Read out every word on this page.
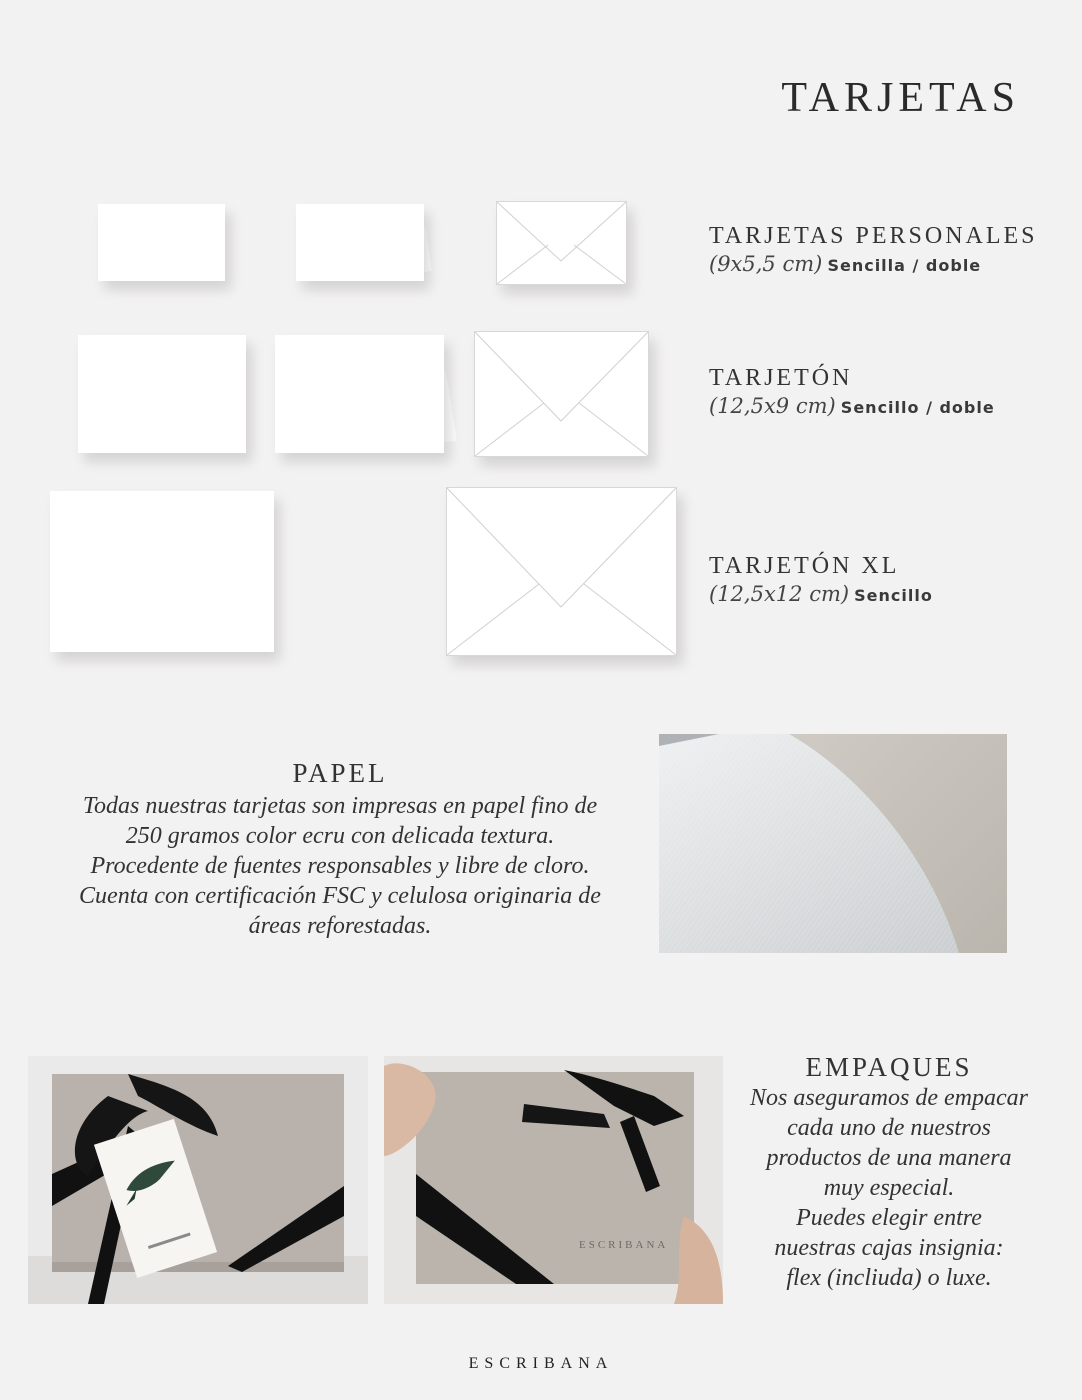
TARJETAS
TARJETAS PERSONALES
(9x5,5 cm) Sencilla / doble
TARJETÓN
(12,5x9 cm) Sencillo / doble
TARJETÓN XL
(12,5x12 cm) Sencillo
PAPEL
Todas nuestras tarjetas son impresas en papel fino de
250 gramos color ecru con delicada textura.
Procedente de fuentes responsables y libre de cloro.
Cuenta con certificación FSC y celulosa originaria de
áreas reforestadas.
ESCRIBANA
EMPAQUES
Nos aseguramos de empacar
cada uno de nuestros
productos de una manera
muy especial.
Puedes elegir entre
nuestras cajas insignia:
flex (incliuda) o luxe.
ESCRIBANA
